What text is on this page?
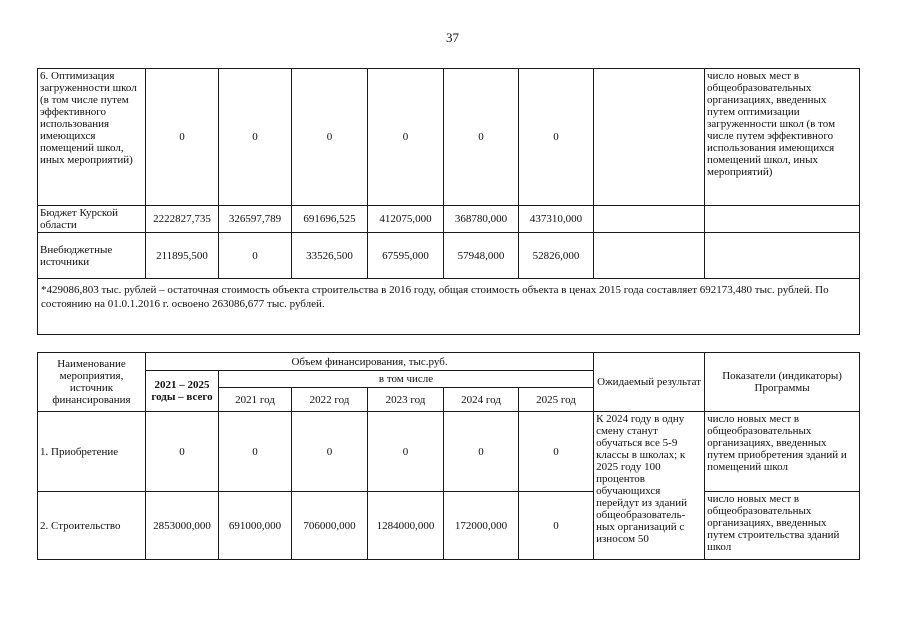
37
6. Оптимизация загруженности школ (в том числе путем эффективного использования имеющихся помещений школ, иных мероприятий)	0	0	0	0	0	0		число новых мест в общеобразовательных организациях, введенных путем оптимизации загруженности школ (в том числе путем эффективного использования имеющихся помещений школ, иных мероприятий)
Бюджет Курской области	2222827,735	326597,789	691696,525	412075,000	368780,000	437310,000		
Внебюджетные источники	211895,500	0	33526,500	67595,000	57948,000	52826,000		
*429086,803 тыс. рублей – остаточная стоимость объекта строительства в 2016 году, общая стоимость объекта в ценах 2015 года составляет 692173,480 тыс. рублей. По состоянию на 01.0.1.2016 г. освоено 263086,677 тыс. рублей.								
Наименование мероприятия, источник финансирования	Объем финансирования, тыс.руб.						Ожидаемый результат	Показатели (индикаторы) Программы
	2021 – 2025 годы – всего	в том числе						
		2021 год	2022 год	2023 год	2024 год	2025 год		
1. Приобретение	0	0	0	0	0	0	К 2024 году в одну смену станут обучаться все 5-9 классы в школах; к 2025 году 100 процентов обучающихся перейдут из зданий общеобразователь-ных организаций с износом 50	число новых мест в общеобразовательных организациях, введенных путем приобретения зданий и помещений школ
2. Строительство	2853000,000	691000,000	706000,000	1284000,000	172000,000	0		число новых мест в общеобразовательных организациях, введенных путем строительства зданий школ
